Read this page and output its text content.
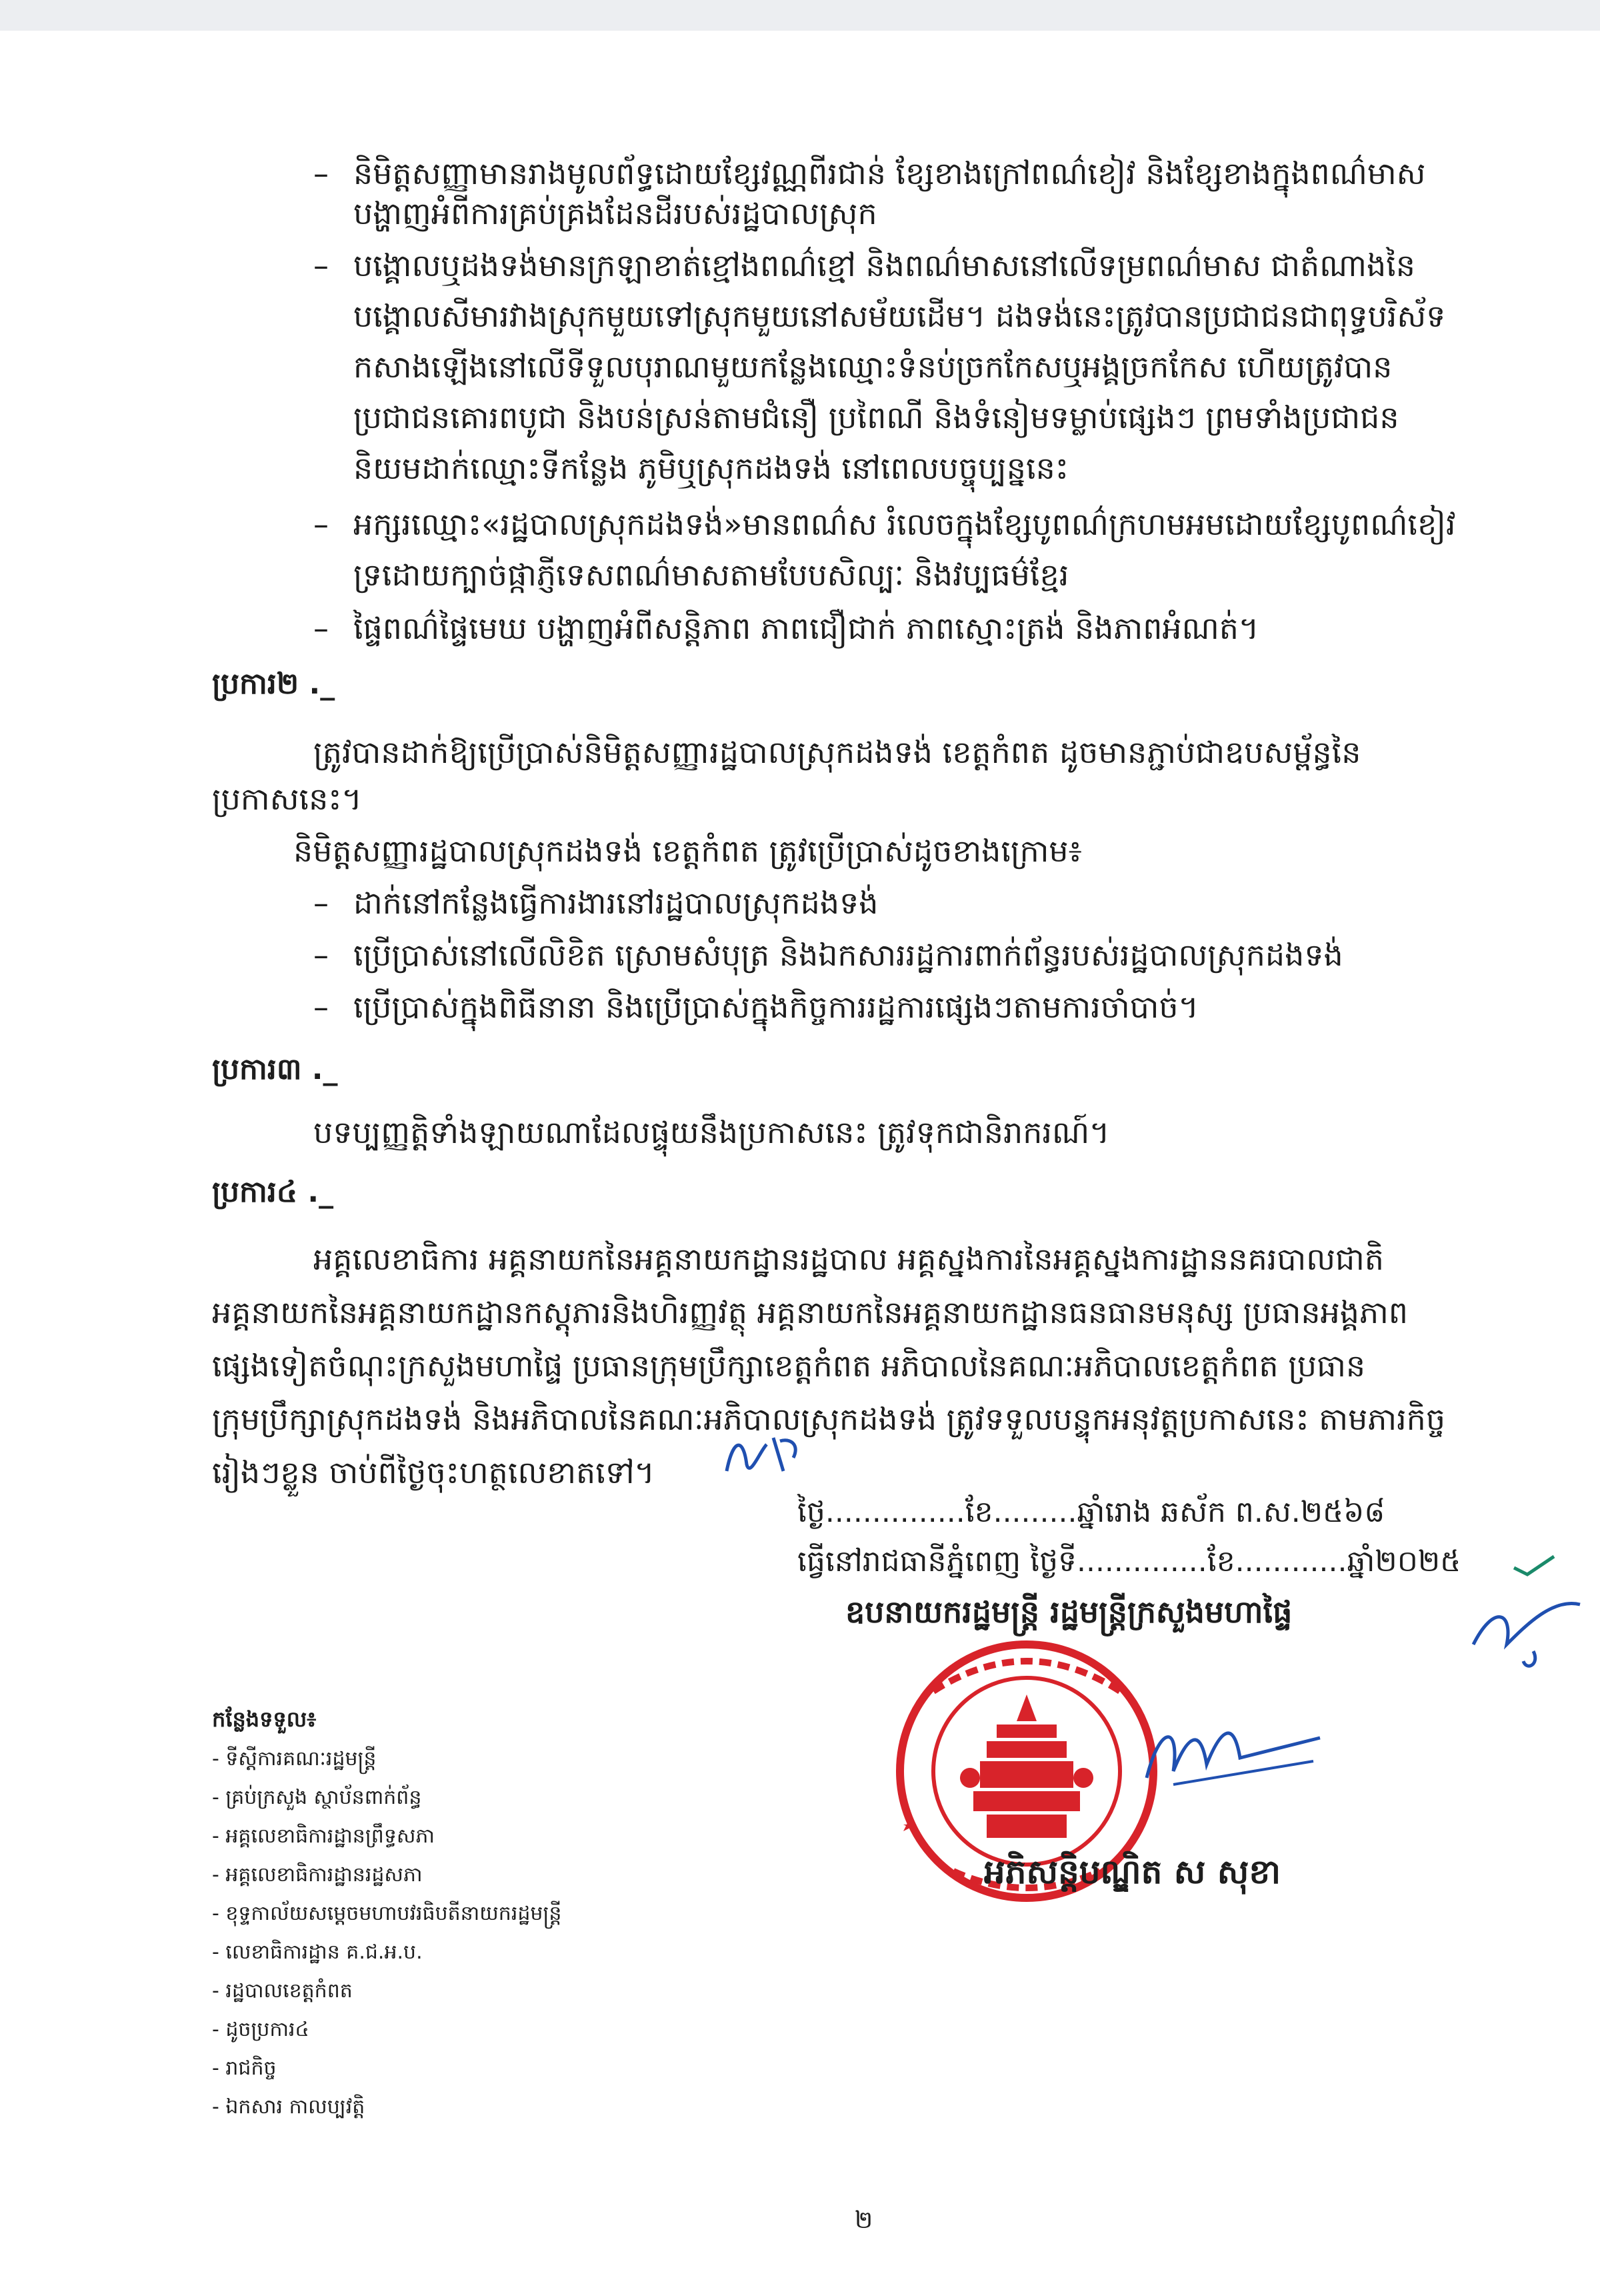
– និមិត្តសញ្ញាមានរាងមូលព័ទ្ធដោយខ្សែវណ្ណពីរជាន់ ខ្សែខាងក្រៅពណ៌ខៀវ និងខ្សែខាងក្នុងពណ៌មាស
បង្ហាញអំពីការគ្រប់គ្រងដែនដីរបស់រដ្ឋបាលស្រុក
– បង្គោលឬដងទង់មានក្រឡាខាត់ខ្មៅងពណ៌ខ្មៅ និងពណ៌មាសនៅលើទម្រពណ៌មាស ជាតំណាងនៃ
បង្គោលសីមារវាងស្រុកមួយទៅស្រុកមួយនៅសម័យដើម។ ដងទង់នេះត្រូវបានប្រជាជនជាពុទ្ធបរិស័ទ
កសាងឡើងនៅលើទីទួលបុរាណមួយកន្លែងឈ្មោះទំនប់ច្រកកែសឬអង្គច្រកកែស ហើយត្រូវបាន
ប្រជាជនគោរពបូជា និងបន់ស្រន់តាមជំនឿ ប្រពៃណី និងទំនៀមទម្លាប់ផ្សេងៗ ព្រមទាំងប្រជាជន
និយមដាក់ឈ្មោះទីកន្លែង ភូមិឬស្រុកដងទង់ នៅពេលបច្ចុប្បន្ននេះ
– អក្សរឈ្មោះ«រដ្ឋបាលស្រុកដងទង់»មានពណ៌ស រំលេចក្នុងខ្សែបូពណ៌ក្រហមអមដោយខ្សែបូពណ៌ខៀវ
ទ្រដោយក្បាច់ផ្កាភ្ញីទេសពណ៌មាសតាមបែបសិល្បៈ និងវប្បធម៌ខ្មែរ
– ផ្ទៃពណ៌ផ្ទៃមេឃ បង្ហាញអំពីសន្តិភាព ភាពជឿជាក់ ភាពស្មោះត្រង់ និងភាពអំណត់។
ប្រការ២ ._
ត្រូវបានដាក់ឱ្យប្រើប្រាស់និមិត្តសញ្ញារដ្ឋបាលស្រុកដងទង់ ខេត្តកំពត ដូចមានភ្ជាប់ជាឧបសម្ព័ន្ធនៃ
ប្រកាសនេះ។
និមិត្តសញ្ញារដ្ឋបាលស្រុកដងទង់ ខេត្តកំពត ត្រូវប្រើប្រាស់ដូចខាងក្រោម៖
– ដាក់នៅកន្លែងធ្វើការងារនៅរដ្ឋបាលស្រុកដងទង់
– ប្រើប្រាស់នៅលើលិខិត ស្រោមសំបុត្រ និងឯកសាររដ្ឋការពាក់ព័ន្ធរបស់រដ្ឋបាលស្រុកដងទង់
– ប្រើប្រាស់ក្នុងពិធីនានា និងប្រើប្រាស់ក្នុងកិច្ចការរដ្ឋការផ្សេងៗតាមការចាំបាច់។
ប្រការ៣ ._
បទប្បញ្ញត្តិទាំងឡាយណាដែលផ្ទុយនឹងប្រកាសនេះ ត្រូវទុកជានិរាករណ៍។
ប្រការ៤ ._
អគ្គលេខាធិការ អគ្គនាយកនៃអគ្គនាយកដ្ឋានរដ្ឋបាល អគ្គស្នងការនៃអគ្គស្នងការដ្ឋាននគរបាលជាតិ
អគ្គនាយកនៃអគ្គនាយកដ្ឋានកស្តុភារនិងហិរញ្ញវត្ថុ អគ្គនាយកនៃអគ្គនាយកដ្ឋានធនធានមនុស្ស ប្រធានអង្គភាព
ផ្សេងទៀតចំណុះក្រសួងមហាផ្ទៃ ប្រធានក្រុមប្រឹក្សាខេត្តកំពត អភិបាលនៃគណៈអភិបាលខេត្តកំពត ប្រធាន
ក្រុមប្រឹក្សាស្រុកដងទង់ និងអភិបាលនៃគណៈអភិបាលស្រុកដងទង់ ត្រូវទទួលបន្ទុកអនុវត្តប្រកាសនេះ តាមភារកិច្ច
រៀងៗខ្លួន ចាប់ពីថ្ងៃចុះហត្ថលេខាតទៅ។
ថ្ងៃ...............ខែ.........ឆ្នាំរោង ឆស័ក ព.ស.២៥៦៨
ធ្វើនៅរាជធានីភ្នំពេញ ថ្ងៃទី..............ខែ............ឆ្នាំ២០២៥
ឧបនាយករដ្ឋមន្ត្រី រដ្ឋមន្ត្រីក្រសួងមហាផ្ទៃ
អភិសន្តិបណ្ឌិត ស សុខា
កន្លែងទទួល៖
- ទីស្តីការគណៈរដ្ឋមន្ត្រី
- គ្រប់ក្រសួង ស្ថាប័នពាក់ព័ន្ធ
- អគ្គលេខាធិការដ្ឋានព្រឹទ្ធសភា
- អគ្គលេខាធិការដ្ឋានរដ្ឋសភា
- ខុទ្ទកាល័យសម្តេចមហាបវរធិបតីនាយករដ្ឋមន្ត្រី
- លេខាធិការដ្ឋាន គ.ជ.អ.ប.
- រដ្ឋបាលខេត្តកំពត
- ដូចប្រការ៤
- រាជកិច្ច
- ឯកសារ កាលប្បវត្តិ
២
